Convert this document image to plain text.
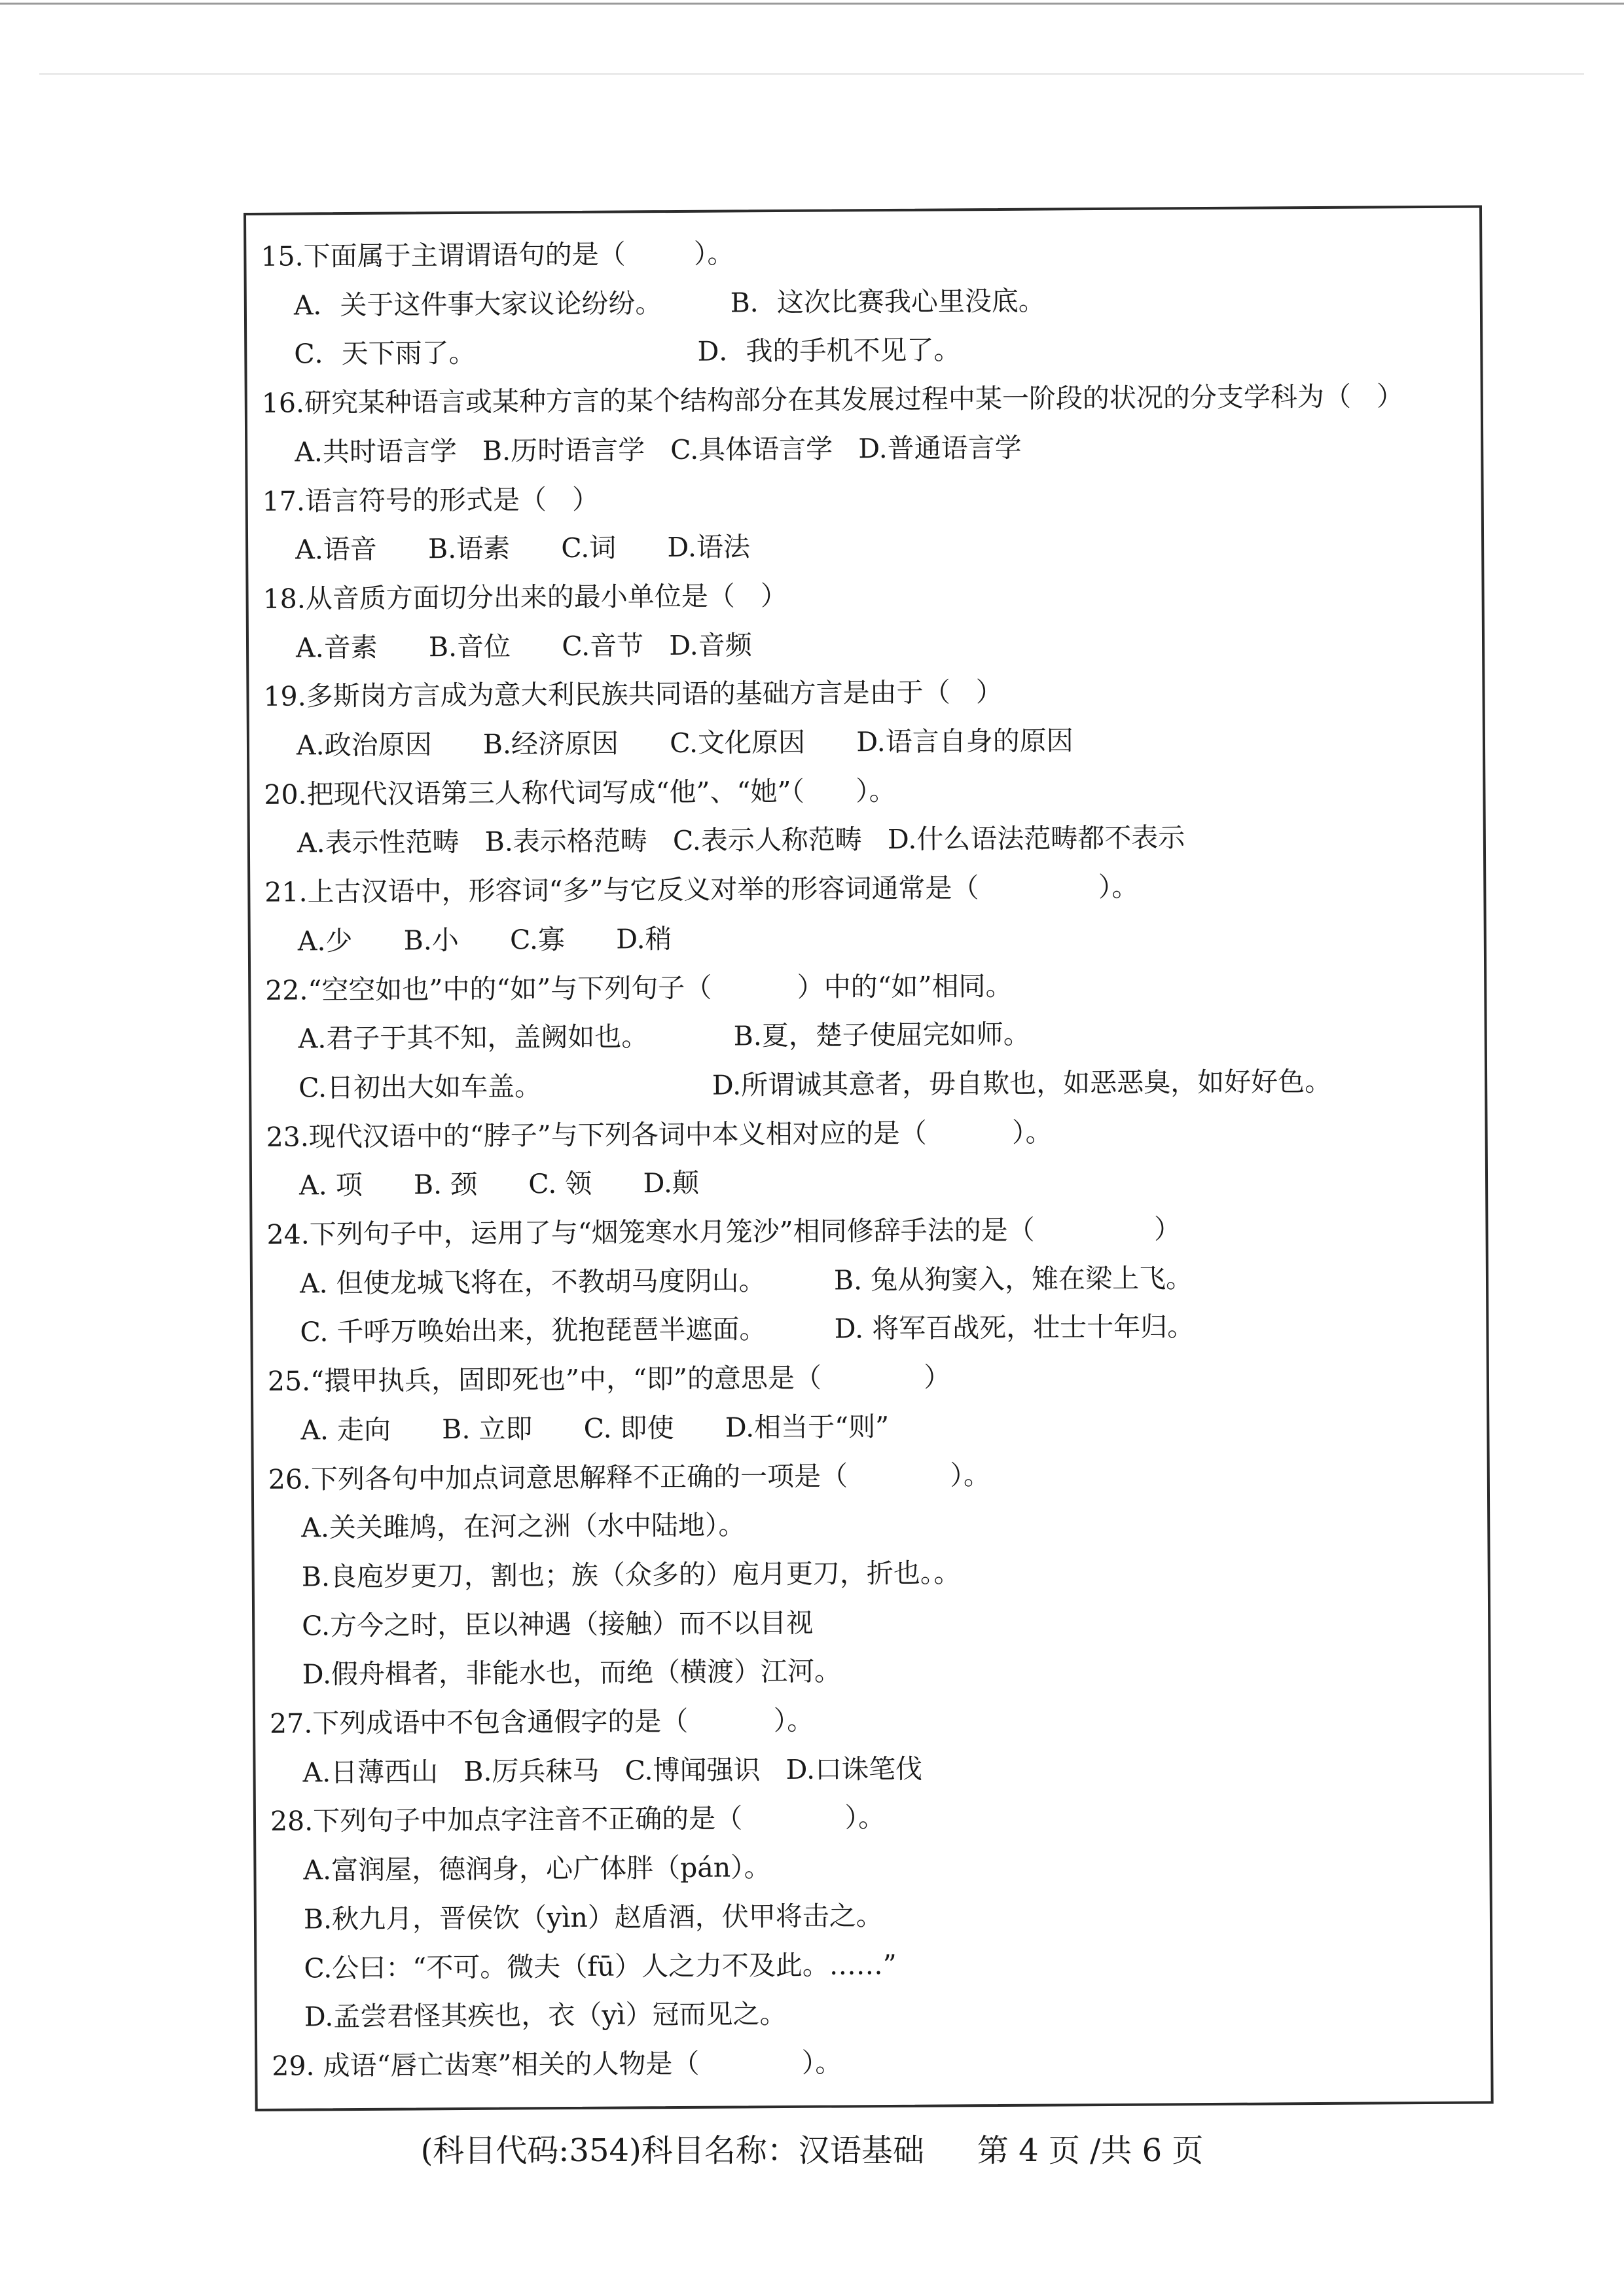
15.下面属于主谓谓语句的是（        ）。
A．关于这件事大家议论纷纷。        B．这次比赛我心里没底。
C．天下雨了。                          D．我的手机不见了。
16.研究某种语言或某种方言的某个结构部分在其发展过程中某一阶段的状况的分支学科为（   ）
A.共时语言学   B.历时语言学   C.具体语言学   D.普通语言学
17.语言符号的形式是（   ）
A.语音      B.语素      C.词      D.语法
18.从音质方面切分出来的最小单位是（   ）
A.音素      B.音位      C.音节   D.音频
19.多斯岗方言成为意大利民族共同语的基础方言是由于（   ）
A.政治原因      B.经济原因      C.文化原因      D.语言自身的原因
20.把现代汉语第三人称代词写成“他”、“她”（      ）。
A.表示性范畴   B.表示格范畴   C.表示人称范畴   D.什么语法范畴都不表示
21.上古汉语中，形容词“多”与它反义对举的形容词通常是（              ）。
A.少      B.小      C.寡      D.稍
22.“空空如也”中的“如”与下列句子（          ）中的“如”相同。
A.君子于其不知，盖阙如也。          B.夏，楚子使屈完如师。
C.日初出大如车盖。                    D.所谓诚其意者，毋自欺也，如恶恶臭，如好好色。
23.现代汉语中的“脖子”与下列各词中本义相对应的是（          ）。
A. 项      B. 颈      C. 领      D.颠
24.下列句子中，运用了与“烟笼寒水月笼沙”相同修辞手法的是（              ）
A. 但使龙城飞将在，不教胡马度阴山。        B. 兔从狗窦入，雉在梁上飞。
C. 千呼万唤始出来，犹抱琵琶半遮面。        D. 将军百战死，壮士十年归。
25.“擐甲执兵，固即死也”中，“即”的意思是（            ）
A. 走向      B. 立即      C. 即使      D.相当于“则”
26.下列各句中加点词意思解释不正确的一项是（            ）。
A.关关雎鸠，在河之洲（水中陆地）。
B.良庖岁更刀，割也；族（众多的）庖月更刀，折也。。
C.方今之时，臣以神遇（接触）而不以目视
D.假舟楫者，非能水也，而绝（横渡）江河。
27.下列成语中不包含通假字的是（          ）。
A.日薄西山   B.厉兵秣马   C.博闻强识   D.口诛笔伐
28.下列句子中加点字注音不正确的是（            ）。
A.富润屋，德润身，心广体胖（pán）。
B.秋九月，晋侯饮（yìn）赵盾酒，伏甲将击之。
C.公曰：“不可。微夫（fū）人之力不及此。……”
D.孟尝君怪其疾也，衣（yì）冠而见之。
29. 成语“唇亡齿寒”相关的人物是（            ）。
(科目代码:354)科目名称：汉语基础 第 4 页 /共 6 页
